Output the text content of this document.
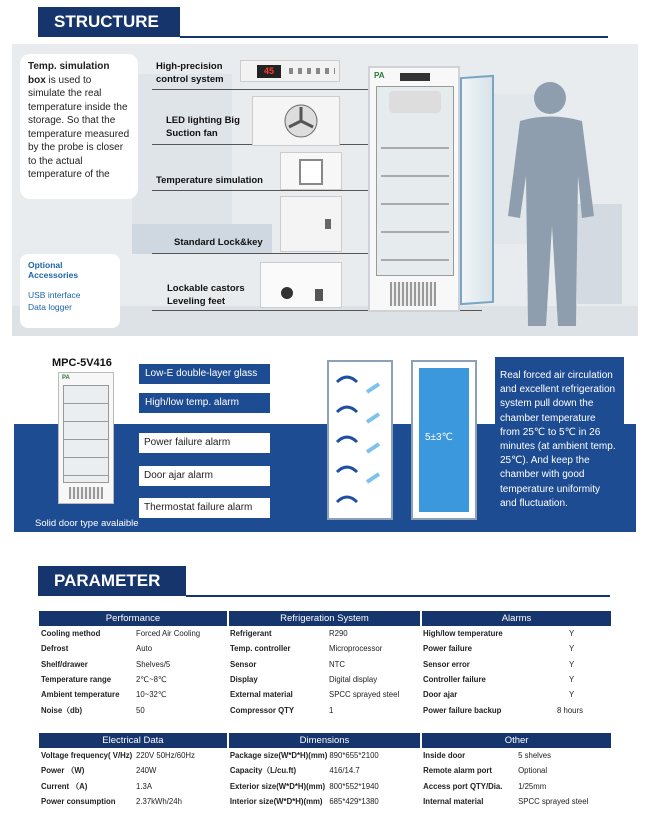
STRUCTURE
Temp. simulation box is used to simulate the real temperature inside the storage. So that the temperature measured by the probe is closer to the actual temperature of the
Optional Accessories
USB interface
Data logger
High-precision control system
LED lighting Big Suction fan
Temperature simulation
Standard Lock&key
Lockable castors Leveling feet
45	PA
MPC-5V416
PA	Low-E double-layer glass
High/low temp. alarm
Power failure alarm
Door ajar alarm
Thermostat failure alarm
Solid door type avalaible
5±3℃
Real forced air circulation and excellent refrigeration system pull down the chamber temperature from 25℃ to 5℃ in 26 minutes (at ambient temp. 25℃). And keep the chamber with good temperature uniformity and fluctuation.
PARAMETER
Performance		Refrigeration System		Alarms	
Cooling method	Forced Air Cooling	Refrigerant	R290	High/low temperature	Y
Defrost	Auto	Temp. controller	Microprocessor	Power failure	Y
Shelf/drawer	Shelves/5	Sensor	NTC	Sensor error	Y
Temperature range	2℃~8℃	Display	Digital display	Controller failure	Y
Ambient temperature	10~32℃	External material	SPCC sprayed steel	Door ajar	Y
Noise（db)	50	Compressor QTY	1	Power failure backup	8 hours
Electrical Data		Dimensions		Other	
Voltage frequency( V/Hz)	220V 50Hz/60Hz	Package size(W*D*H)(mm)	890*655*2100	Inside door	5 shelves
Power （W)	240W	Capacity（L/cu.ft)	416/14.7	Remote alarm port	Optional
Current （A)	1.3A	Exterior size(W*D*H)(mm)	800*552*1940	Access port QTY/Dia.	1/25mm
Power consumption	2.37kWh/24h	Interior size(W*D*H)(mm)	685*429*1380	Internal material	SPCC sprayed steel
